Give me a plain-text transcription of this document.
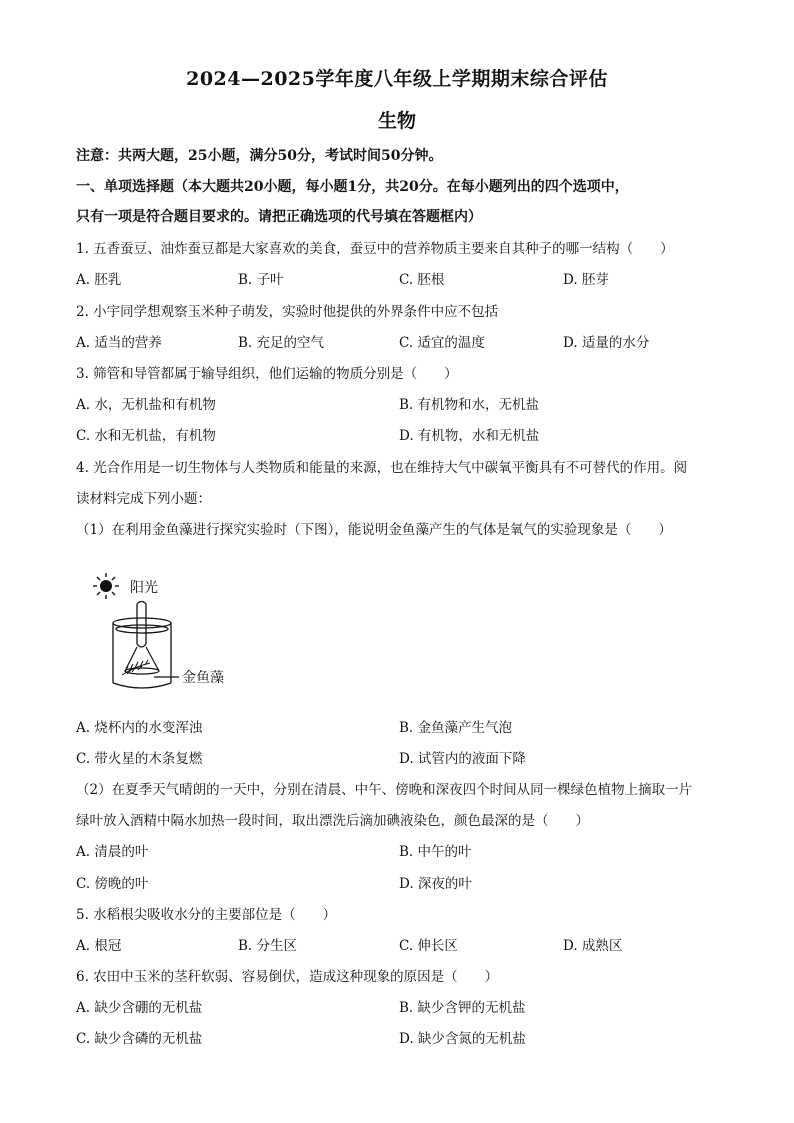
2024—2025学年度八年级上学期期末综合评估
生物
注意：共两大题，25小题，满分50分，考试时间50分钟。
一、单项选择题（本大题共20小题，每小题1分，共20分。在每小题列出的四个选项中，
只有一项是符合题目要求的。请把正确选项的代号填在答题框内）
1. 五香蚕豆、油炸蚕豆都是大家喜欢的美食，蚕豆中的营养物质主要来自其种子的哪一结构（　　）
A. 胚乳	B. 子叶	C. 胚根	D. 胚芽
2. 小宇同学想观察玉米种子萌发，实验时他提供的外界条件中应不包括
A. 适当的营养	B. 充足的空气	C. 适宜的温度	D. 适量的水分
3. 筛管和导管都属于输导组织，他们运输的物质分别是（　　）
A. 水，无机盐和有机物	B. 有机物和水，无机盐
C. 水和无机盐，有机物	D. 有机物，水和无机盐
4. 光合作用是一切生物体与人类物质和能量的来源，也在维持大气中碳氧平衡具有不可替代的作用。阅
读材料完成下列小题：
（1）在利用金鱼藻进行探究实验时（下图），能说明金鱼藻产生的气体是氧气的实验现象是（　　）
阳光
金鱼藻
A. 烧杯内的水变浑浊	B. 金鱼藻产生气泡
C. 带火星的木条复燃	D. 试管内的液面下降
（2）在夏季天气晴朗的一天中，分别在清晨、中午、傍晚和深夜四个时间从同一棵绿色植物上摘取一片
绿叶放入酒精中隔水加热一段时间，取出漂洗后滴加碘液染色，颜色最深的是（　　）
A. 清晨的叶	B. 中午的叶
C. 傍晚的叶	D. 深夜的叶
5. 水稻根尖吸收水分的主要部位是（　　）
A. 根冠	B. 分生区	C. 伸长区	D. 成熟区
6. 农田中玉米的茎秆软弱、容易倒伏，造成这种现象的原因是（　　）
A. 缺少含硼的无机盐	B. 缺少含钾的无机盐
C. 缺少含磷的无机盐	D. 缺少含氮的无机盐
